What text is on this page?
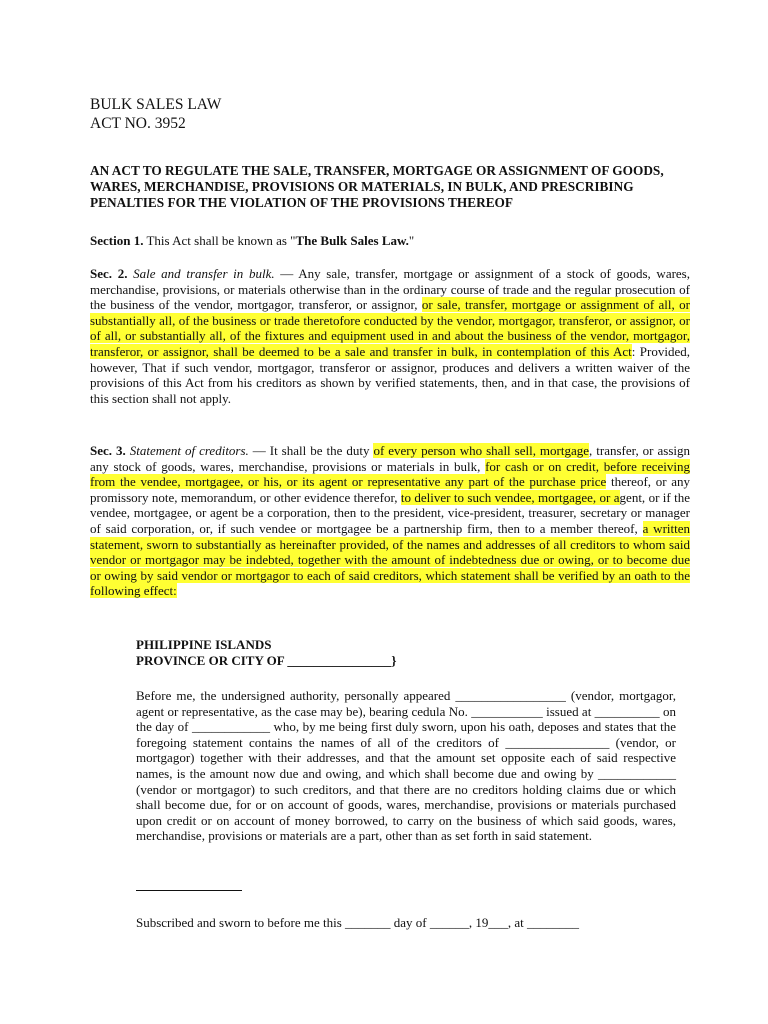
BULK SALES LAW
ACT NO. 3952
AN ACT TO REGULATE THE SALE, TRANSFER, MORTGAGE OR ASSIGNMENT OF GOODS, WARES, MERCHANDISE, PROVISIONS OR MATERIALS, IN BULK, AND PRESCRIBING PENALTIES FOR THE VIOLATION OF THE PROVISIONS THEREOF
Section 1. This Act shall be known as "The Bulk Sales Law."
Sec. 2. Sale and transfer in bulk. — Any sale, transfer, mortgage or assignment of a stock of goods, wares, merchandise, provisions, or materials otherwise than in the ordinary course of trade and the regular prosecution of the business of the vendor, mortgagor, transferor, or assignor, or sale, transfer, mortgage or assignment of all, or substantially all, of the business or trade theretofore conducted by the vendor, mortgagor, transferor, or assignor, or of all, or substantially all, of the fixtures and equipment used in and about the business of the vendor, mortgagor, transferor, or assignor, shall be deemed to be a sale and transfer in bulk, in contemplation of this Act: Provided, however, That if such vendor, mortgagor, transferor or assignor, produces and delivers a written waiver of the provisions of this Act from his creditors as shown by verified statements, then, and in that case, the provisions of this section shall not apply.
Sec. 3. Statement of creditors. — It shall be the duty of every person who shall sell, mortgage, transfer, or assign any stock of goods, wares, merchandise, provisions or materials in bulk, for cash or on credit, before receiving from the vendee, mortgagee, or his, or its agent or representative any part of the purchase price thereof, or any promissory note, memorandum, or other evidence therefor, to deliver to such vendee, mortgagee, or agent, or if the vendee, mortgagee, or agent be a corporation, then to the president, vice-president, treasurer, secretary or manager of said corporation, or, if such vendee or mortgagee be a partnership firm, then to a member thereof, a written statement, sworn to substantially as hereinafter provided, of the names and addresses of all creditors to whom said vendor or mortgagor may be indebted, together with the amount of indebtedness due or owing, or to become due or owing by said vendor or mortgagor to each of said creditors, which statement shall be verified by an oath to the following effect:
PHILIPPINE ISLANDS
PROVINCE OR CITY OF ________________}
Before me, the undersigned authority, personally appeared _________________ (vendor, mortgagor, agent or representative, as the case may be), bearing cedula No. ___________ issued at __________ on the day of ____________ who, by me being first duly sworn, upon his oath, deposes and states that the foregoing statement contains the names of all of the creditors of ________________ (vendor, or mortgagor) together with their addresses, and that the amount set opposite each of said respective names, is the amount now due and owing, and which shall become due and owing by ____________ (vendor or mortgagor) to such creditors, and that there are no creditors holding claims due or which shall become due, for or on account of goods, wares, merchandise, provisions or materials purchased upon credit or on account of money borrowed, to carry on the business of which said goods, wares, merchandise, provisions or materials are a part, other than as set forth in said statement.
Subscribed and sworn to before me this _______ day of ______, 19___, at ________
